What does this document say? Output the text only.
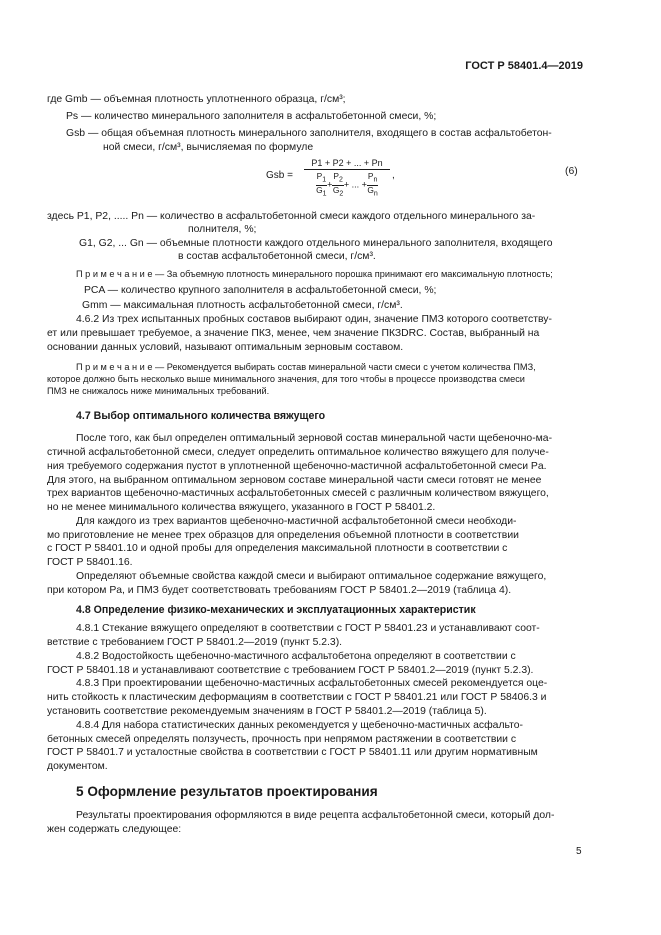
ГОСТ Р 58401.4—2019
где Gmb — объемная плотность уплотненного образца, г/см³;
Ps — количество минерального заполнителя в асфальтобетонной смеси, %;
Gsb — общая объемная плотность минерального заполнителя, входящего в состав асфальтобетон-
ной смеси, г/см³, вычисляемая по формуле
Gsb =
P1 + P2 + ... + Pn
$\frac{P_1}{G_1} + \frac{P_2}{G_2}$ + ... + $\frac{P_n}{G_n}$ ,	(6)
здесь P1, P2, ..... Pn — количество в асфальтобетонной смеси каждого отдельного минерального за-
полнителя, %;
G1, G2, ... Gn — объемные плотности каждого отдельного минерального заполнителя, входящего
в состав асфальтобетонной смеси, г/см³.
П р и м е ч а н и е — За объемную плотность минерального порошка принимают его максимальную плотность;
PCA — количество крупного заполнителя в асфальтобетонной смеси, %;
Gmm — максимальная плотность асфальтобетонной смеси, г/см³.
4.6.2 Из трех испытанных пробных составов выбирают один, значение ПМЗ которого соответству-
ет или превышает требуемое, а значение ПКЗ, менее, чем значение ПКЗDRC. Состав, выбранный на
основании данных условий, называют оптимальным зерновым составом.
П р и м е ч а н и е — Рекомендуется выбирать состав минеральной части смеси с учетом количества ПМЗ,
которое должно быть несколько выше минимального значения, для того чтобы в процессе производства смеси
ПМЗ не снижалось ниже минимальных требований.
4.7 Выбор оптимального количества вяжущего
После того, как был определен оптимальный зерновой состав минеральной части щебеночно-ма-
стичной асфальтобетонной смеси, следует определить оптимальное количество вяжущего для получе-
ния требуемого содержания пустот в уплотненной щебеночно-мастичной асфальтобетонной смеси Pa.
Для этого, на выбранном оптимальном зерновом составе минеральной части смеси готовят не менее
трех вариантов щебеночно-мастичных асфальтобетонных смесей с различным количеством вяжущего,
но не менее минимального количества вяжущего, указанного в ГОСТ Р 58401.2.
Для каждого из трех вариантов щебеночно-мастичной асфальтобетонной смеси необходи-
мо приготовление не менее трех образцов для определения объемной плотности в соответствии
с ГОСТ Р 58401.10 и одной пробы для определения максимальной плотности в соответствии с
ГОСТ Р 58401.16.
Определяют объемные свойства каждой смеси и выбирают оптимальное содержание вяжущего,
при котором Pa, и ПМЗ будет соответствовать требованиям ГОСТ Р 58401.2—2019 (таблица 4).
4.8 Определение физико-механических и эксплуатационных характеристик
4.8.1 Стекание вяжущего определяют в соответствии с ГОСТ Р 58401.23 и устанавливают соот-
ветствие с требованием ГОСТ Р 58401.2—2019 (пункт 5.2.3).
4.8.2 Водостойкость щебеночно-мастичного асфальтобетона определяют в соответствии с
ГОСТ Р 58401.18 и устанавливают соответствие с требованием ГОСТ Р 58401.2—2019 (пункт 5.2.3).
4.8.3 При проектировании щебеночно-мастичных асфальтобетонных смесей рекомендуется оце-
нить стойкость к пластическим деформациям в соответствии с ГОСТ Р 58401.21 или ГОСТ Р 58406.3 и
установить соответствие рекомендуемым значениям в ГОСТ Р 58401.2—2019 (таблица 5).
4.8.4 Для набора статистических данных рекомендуется у щебеночно-мастичных асфальто-
бетонных смесей определять ползучесть, прочность при непрямом растяжении в соответствии с
ГОСТ Р 58401.7 и усталостные свойства в соответствии с ГОСТ Р 58401.11 или другим нормативным
документом.
5 Оформление результатов проектирования
Результаты проектирования оформляются в виде рецепта асфальтобетонной смеси, который дол-
жен содержать следующее:
5
